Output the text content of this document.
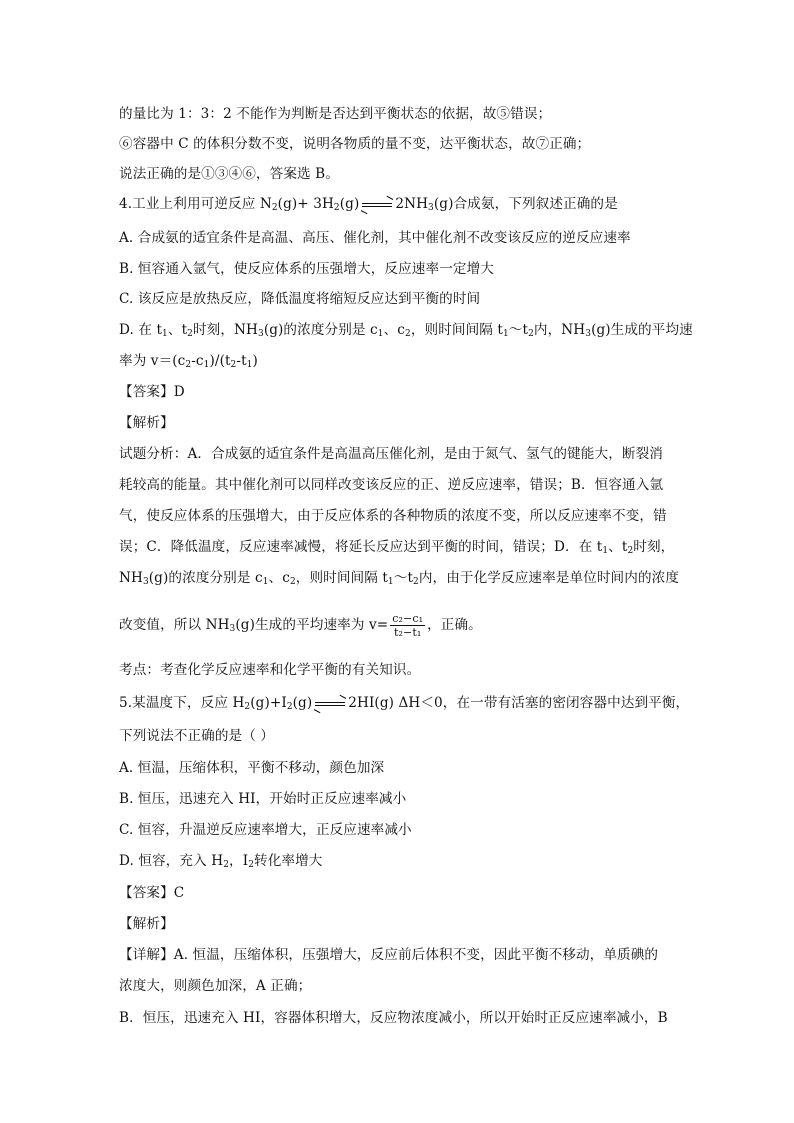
的量比为 1：3：2 不能作为判断是否达到平衡状态的依据，故⑤错误；
⑥容器中 C 的体积分数不变，说明各物质的量不变，达平衡状态，故⑦正确；
说法正确的是①③④⑥，答案选 B。
4.工业上利用可逆反应 $N_2(g)+ 3H_2(g)$	$2NH_3(g)$合成氨，下列叙述正确的是
A. 合成氨的适宜条件是高温、高压、催化剂，其中催化剂不改变该反应的逆反应速率
B. 恒容通入氩气，使反应体系的压强增大，反应速率一定增大
C. 该反应是放热反应，降低温度将缩短反应达到平衡的时间
D. 在 $t_1$、$t_2$时刻，$NH_3(g)$的浓度分别是 $c_1$、$c_2$，则时间间隔 $t_1\sim t_2$内，$NH_3(g)$生成的平均速
率为 $v=(c_2-c_1)/(t_2-t_1)$
【答案】D
【解析】
试题分析：A．合成氨的适宜条件是高温高压催化剂，是由于氮气、氢气的键能大，断裂消
耗较高的能量。其中催化剂可以同样改变该反应的正、逆反应速率，错误；B．恒容通入氩
气，使反应体系的压强增大，由于反应体系的各种物质的浓度不变，所以反应速率不变，错
误；C．降低温度，反应速率减慢，将延长反应达到平衡的时间，错误；D．在 $t_1$、$t_2$时刻，
$NH_3(g)$的浓度分别是 $c_1$、$c_2$，则时间间隔 $t_1\sim t_2$内，由于化学反应速率是单位时间内的浓度
改变值，所以 $NH_3(g)$生成的平均速率为 $v= \frac{\text{c₂−c₁}}{\text{t₂−t₁}}$ ，正确。
考点：考查化学反应速率和化学平衡的有关知识。
5.某温度下，反应 $H_2(g)+I_2(g)$	2HI(g) ΔH＜0，在一带有活塞的密闭容器中达到平衡，
下列说法不正确的是（ ）
A. 恒温，压缩体积，平衡不移动，颜色加深
B. 恒压，迅速充入 HI，开始时正反应速率减小
C. 恒容，升温逆反应速率增大，正反应速率减小
D. 恒容，充入 $H_2$，$I_2$转化率增大
【答案】C
【解析】
【详解】A. 恒温，压缩体积，压强增大，反应前后体积不变，因此平衡不移动，单质碘的
浓度大，则颜色加深，A 正确；
B．恒压，迅速充入 HI，容器体积增大，反应物浓度减小，所以开始时正反应速率减小，B
